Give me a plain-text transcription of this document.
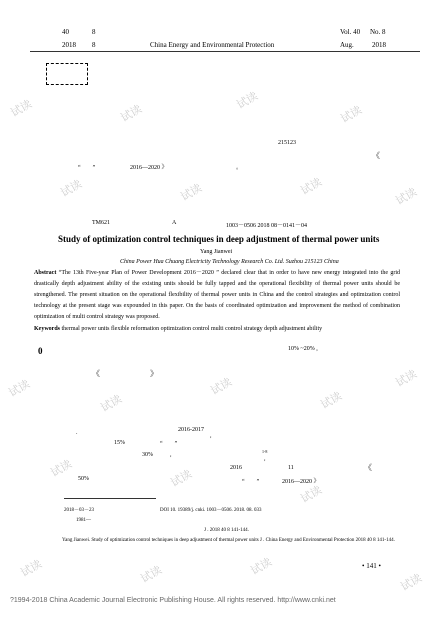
40	8
2018 8	China Energy and Environmental Protection
Vol. 40 No. 8
Aug.	2018
215123
《
“　　”	2016—2020 》	。
TM621	A	1003－0506 2018 08－0141－04
Study of optimization control techniques in deep adjustment of thermal power units
Yang Jianwei
China Power Hua Chuang Electricity Technology Research Co. Ltd. Suzhou 215123 China
Abstract “The 13th Five-year Plan of Power Development 2016－2020 ” declared clear that in order to have new energy integrated into the grid drastically depth adjustment ability of the existing units should be fully tapped and the operational flexibility of thermal power units should be strengthened. The present situation on the operational flexibility of thermal power units in China and the control strategies and optimization control technology at the present stage was expounded in this paper. On the basis of coordinated optimization and improvement the method of combination optimization of multi control strategy was proposed.
Keywords thermal power units flexible reformation optimization control multi control strategy depth adjustment ability
0	10% ~20% ,
《	》
.	2016-2017
,
15%	“　　”
30%	,
1-8
,
2016	11	《
50%	“　　”	2016—2020 》
2018－03－23	DOI 10. 19389/j. cnki. 1003－0506. 2018. 08. 033
1981—
J . 2018 40 8 141-144.
Yang Jianwei. Study of optimization control techniques in deep adjustment of thermal power units J . China Energy and Environmental Protection 2018 40 8 141-144.
• 141 •
?1994-2018 China Academic Journal Electronic Publishing House. All rights reserved. http://www.cnki.net
试读	试读
试读
试读
试读	试读	试读	试读
试读
试读
试读
试读
试读
试读	试读
试读
试读	试读	试读
试读
